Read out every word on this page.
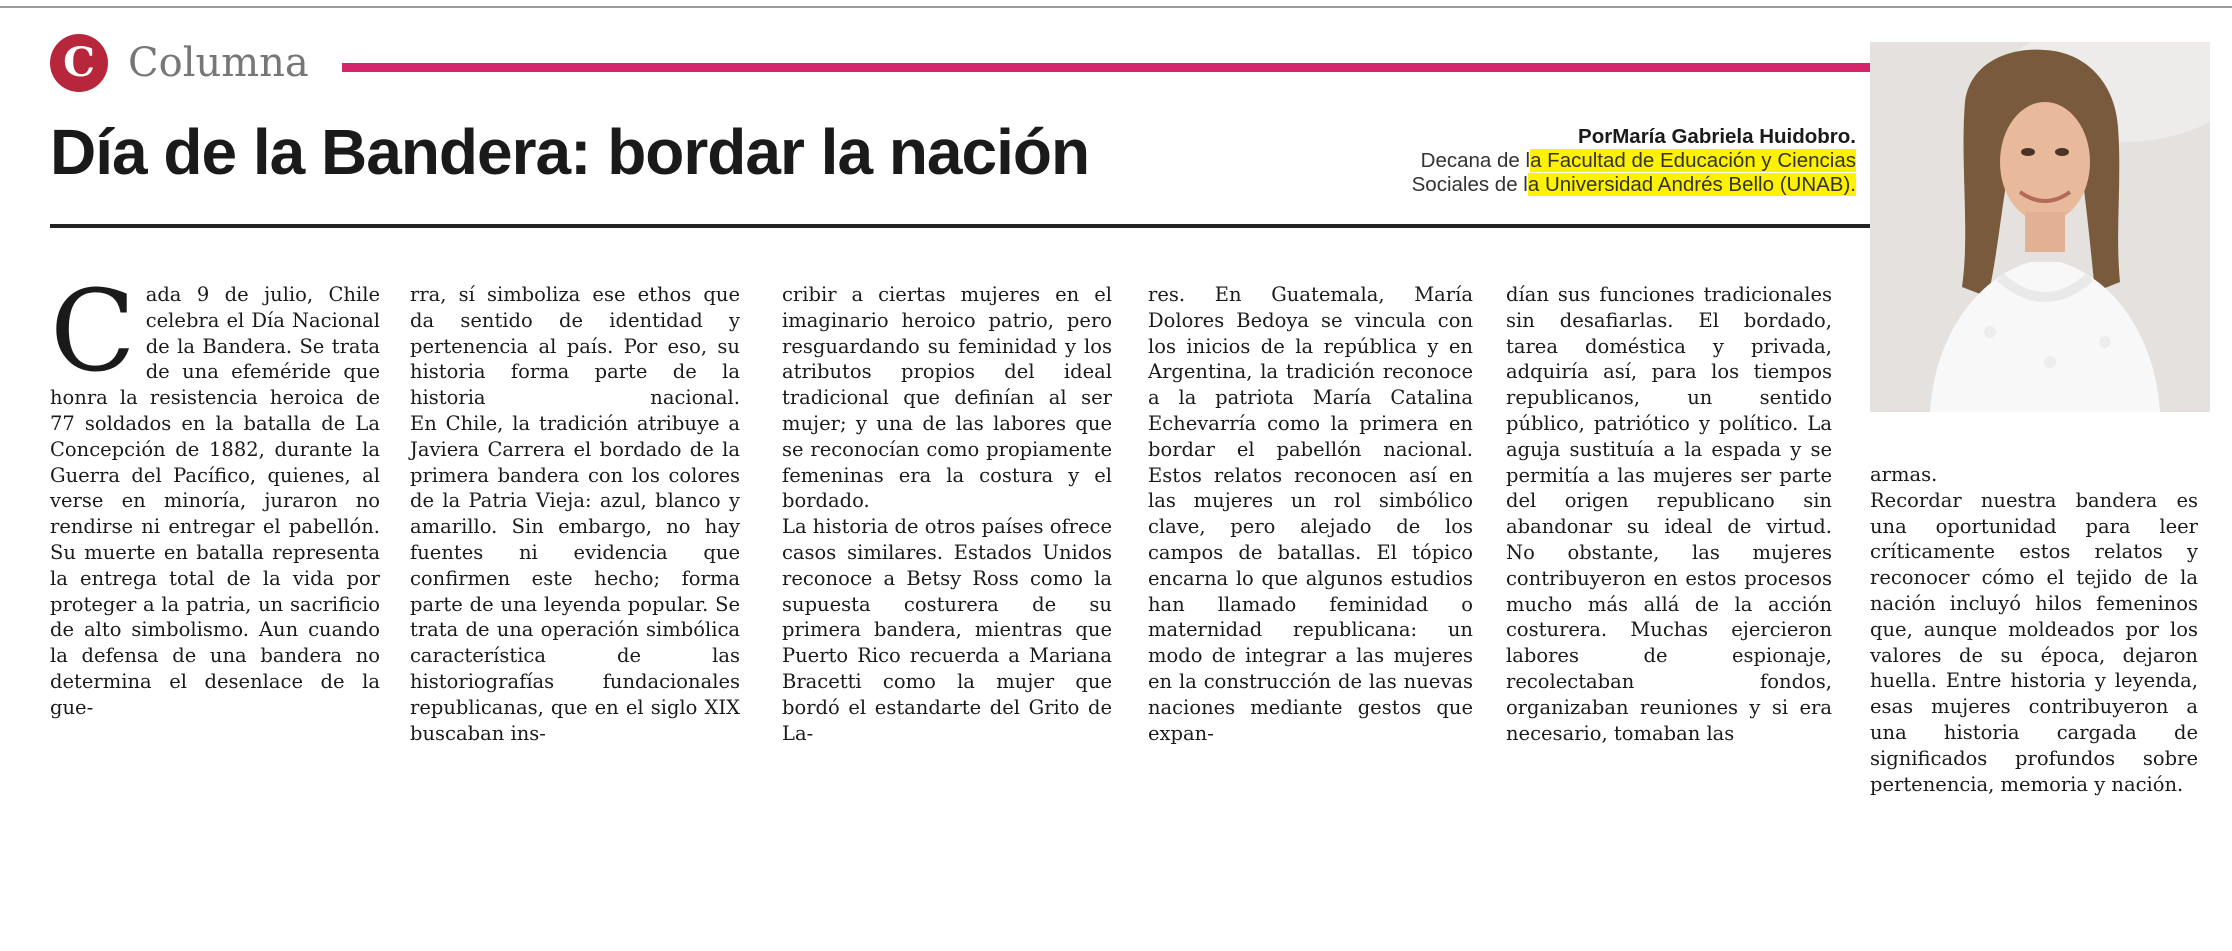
C Columna
Día de la Bandera: bordar la nación	PorMaría Gabriela Huidobro.
Decana de la Facultad de Educación y Ciencias
Sociales de la Universidad Andrés Bello (UNAB).

Cada 9 de julio, Chile celebra el Día Nacional de la Bandera. Se trata de una efeméride que honra la resistencia heroica de 77 soldados en la batalla de La Concepción de 1882, durante la Guerra del Pacífico, quienes, al verse en minoría, juraron no rendirse ni entregar el pabellón.

Su muerte en batalla representa la entrega total de la vida por proteger a la patria, un sacrificio de alto simbolismo. Aun cuando la defensa de una bandera no determina el desenlace de la gue-

rra, sí simboliza ese ethos que da sentido de identidad y pertenencia al país. Por eso, su historia forma parte de la historia nacional.

En Chile, la tradición atribuye a Javiera Carrera el bordado de la primera bandera con los colores de la Patria Vieja: azul, blanco y amarillo. Sin embargo, no hay fuentes ni evidencia que confirmen este hecho; forma parte de una leyenda popular. Se trata de una operación simbólica característica de las historiografías fundacionales republicanas, que en el siglo XIX buscaban ins-

cribir a ciertas mujeres en el imaginario heroico patrio, pero resguardando su feminidad y los atributos propios del ideal tradicional que definían al ser mujer; y una de las labores que se reconocían como propiamente femeninas era la costura y el bordado.

La historia de otros países ofrece casos similares. Estados Unidos reconoce a Betsy Ross como la supuesta costurera de su primera bandera, mientras que Puerto Rico recuerda a Mariana Bracetti como la mujer que bordó el estandarte del Grito de La-

res. En Guatemala, María Dolores Bedoya se vincula con los inicios de la república y en Argentina, la tradición reconoce a la patriota María Catalina Echevarría como la primera en bordar el pabellón nacional.

Estos relatos reconocen así en las mujeres un rol simbólico clave, pero alejado de los campos de batallas. El tópico encarna lo que algunos estudios han llamado feminidad o maternidad republicana: un modo de integrar a las mujeres en la construcción de las nuevas naciones mediante gestos que expan-

dían sus funciones tradicionales sin desafiarlas. El bordado, tarea doméstica y privada, adquiría así, para los tiempos republicanos, un sentido público, patriótico y político. La aguja sustituía a la espada y se permitía a las mujeres ser parte del origen republicano sin abandonar su ideal de virtud.

No obstante, las mujeres contribuyeron en estos procesos mucho más allá de la acción costurera. Muchas ejercieron labores de espionaje, recolectaban fondos, organizaban reuniones y si era necesario, tomaban las

armas.

Recordar nuestra bandera es una oportunidad para leer críticamente estos relatos y reconocer cómo el tejido de la nación incluyó hilos femeninos que, aunque moldeados por los valores de su época, dejaron huella. Entre historia y leyenda, esas mujeres contribuyeron a una historia cargada de significados profundos sobre pertenencia, memoria y nación.
